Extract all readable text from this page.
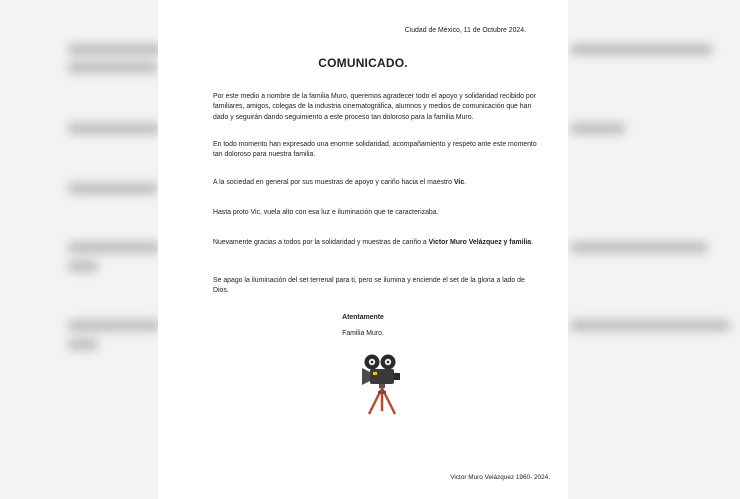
Ciudad de México, 11 de Octubre 2024.
COMUNICADO.

Por este medio a nombre de la familia Muro, queremos agradecer todo el apoyo y solidaridad recibido por familiares, amigos, colegas de la industria cinematográfica, alumnos y medios de comunicación que han dado y seguirán dando seguimiento a este proceso tan doloroso para la familia Muro.

En todo momento han expresado una enorme solidaridad, acompañamiento y respeto ante este momento tan doloroso para nuestra familia.

A la sociedad en general por sus muestras de apoyo y cariño hacia el maestro Vic.

Hasta proto Vic, vuela alto con esa luz e iluminación que te caracterizaba.

Nuevamente gracias a todos por la solidaridad y muestras de cariño a Victor Muro Velázquez y familia.

Se apago la iluminación del set terrenal para ti, pero se ilumina y enciende el set de la gloria a lado de Dios.

Atentamente
Familia Muro.
Victor Muro Velázquez 1960- 2024.
